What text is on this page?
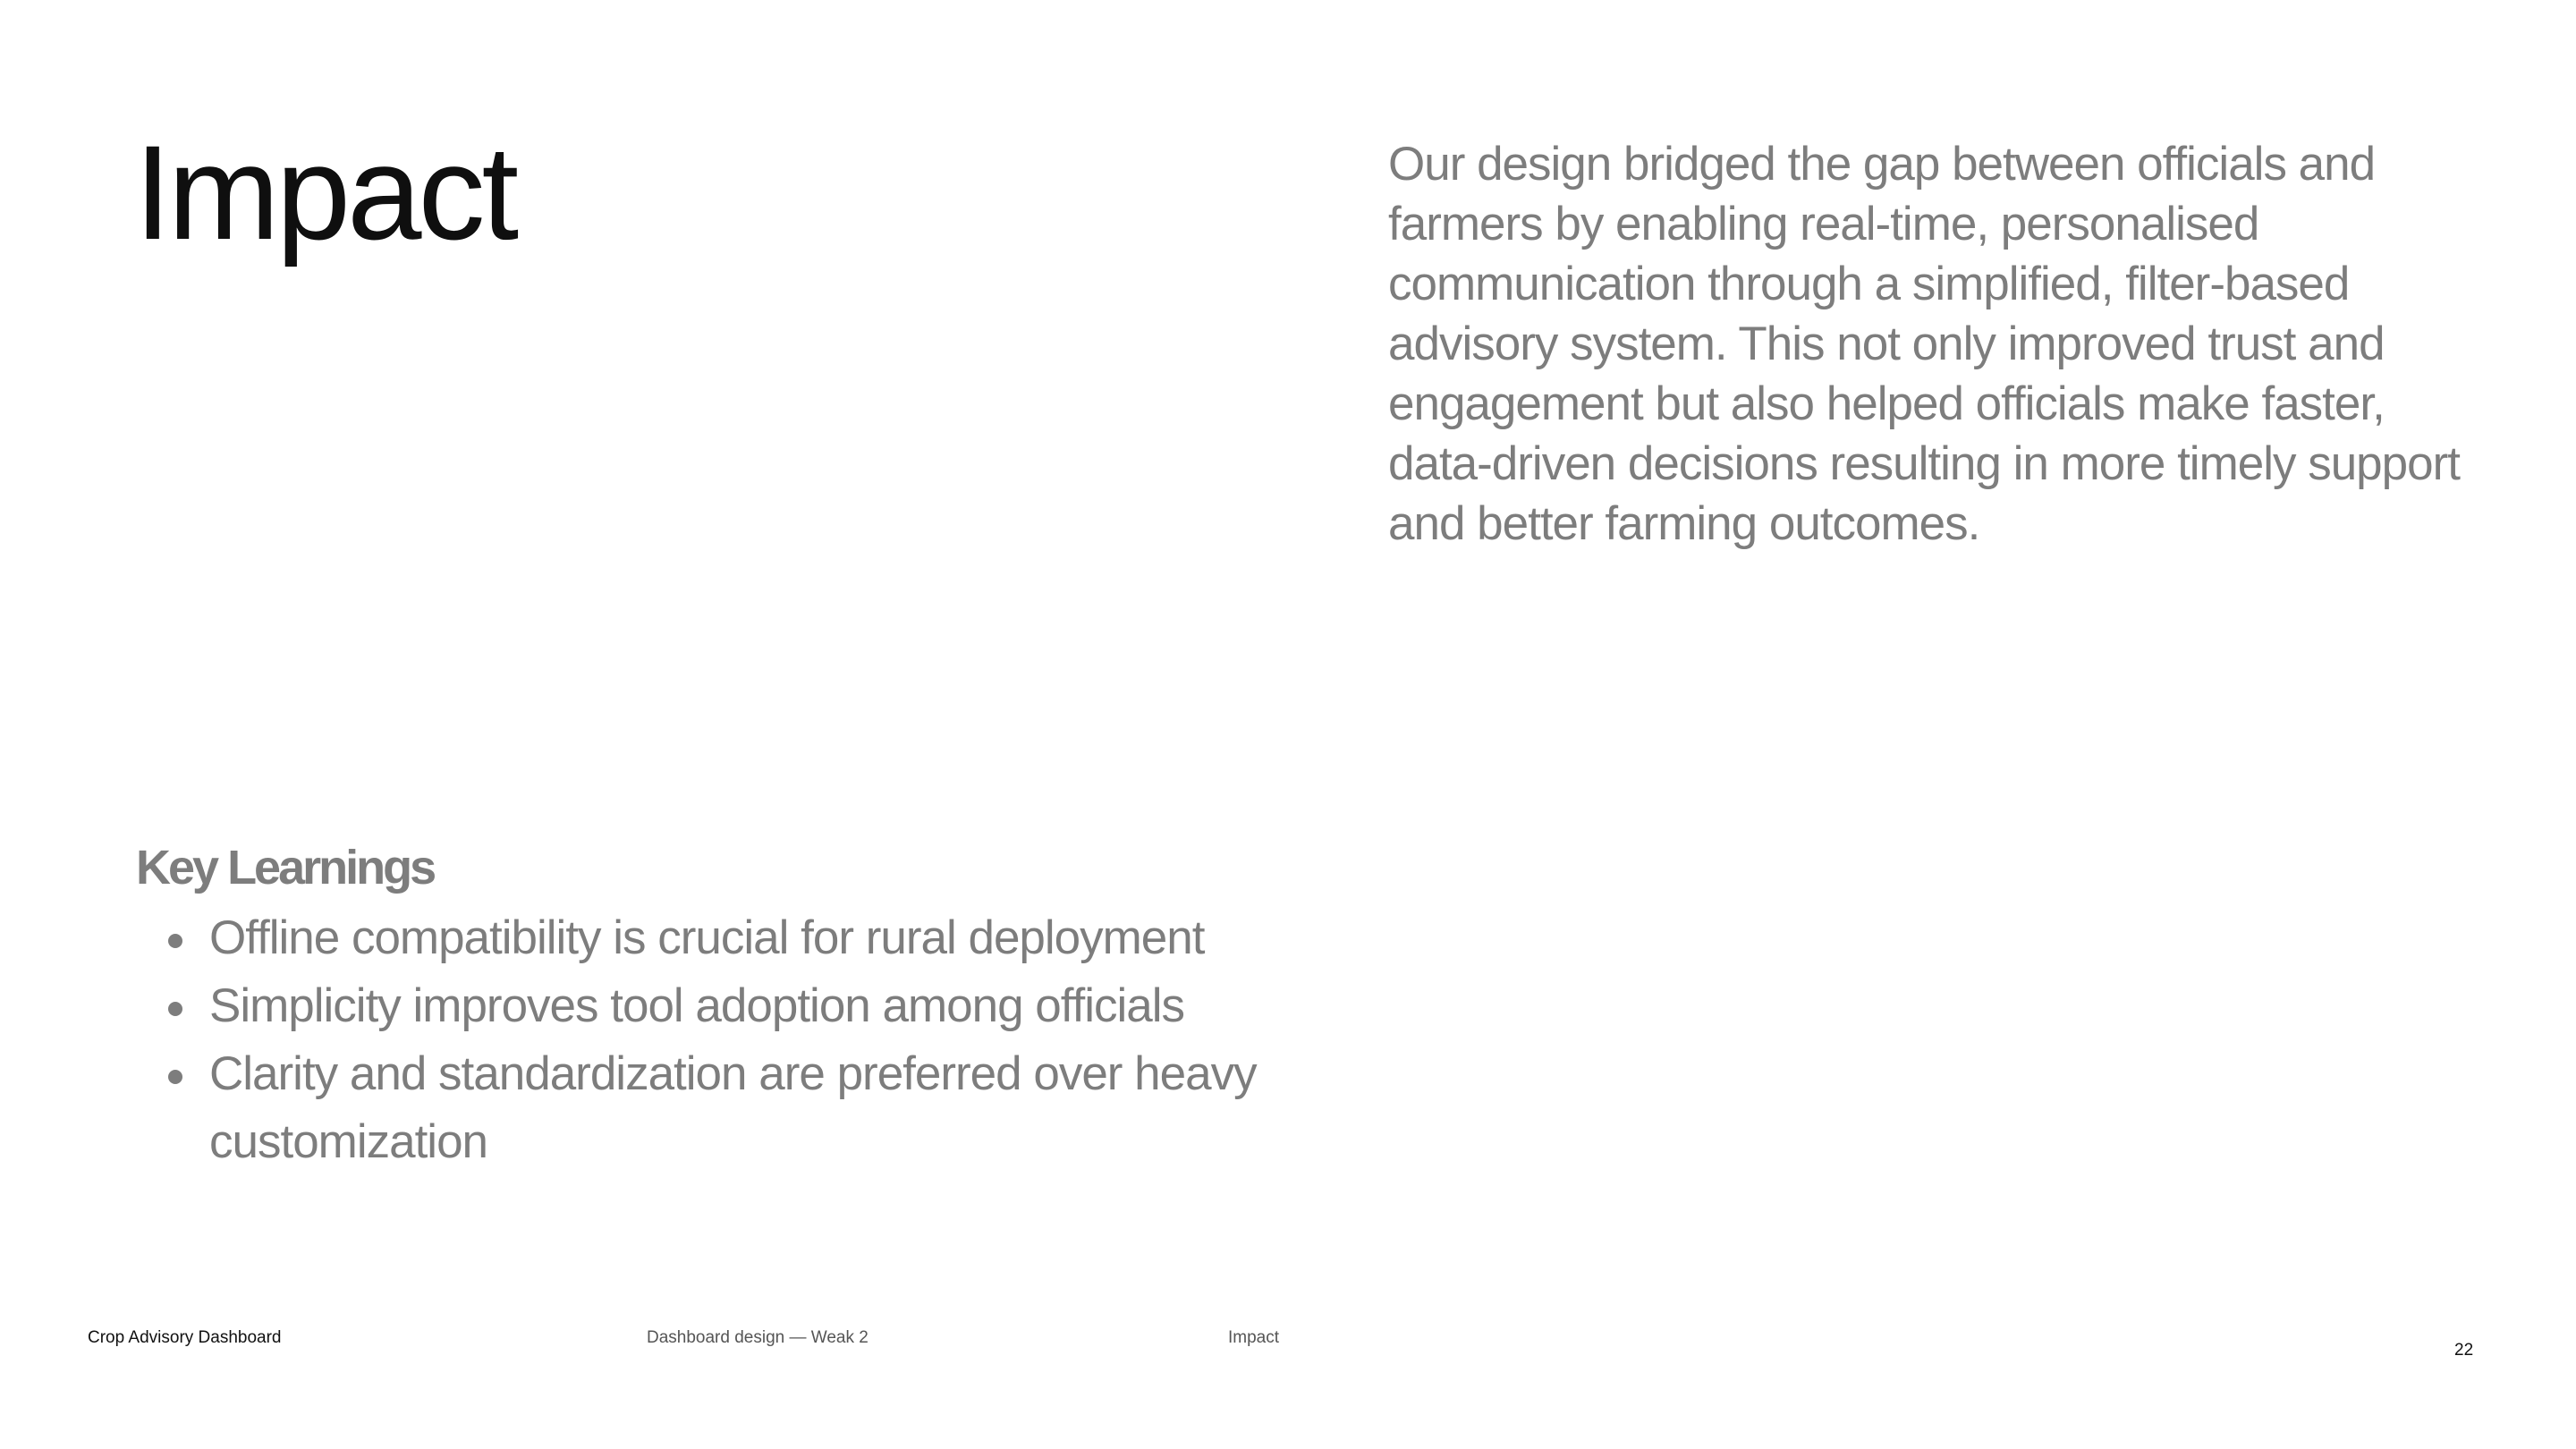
Impact	Our design bridged the gap between officials and farmers by enabling real-time, personalised communication through a simplified, filter-based advisory system. This not only improved trust and engagement but also helped officials make faster, data-driven decisions resulting in more timely support and better farming outcomes.

Key Learnings
Offline compatibility is crucial for rural deployment
Simplicity improves tool adoption among officials
Clarity and standardization are preferred over heavy customization
Crop Advisory Dashboard	Dashboard design — Weak 2	Impact
22
